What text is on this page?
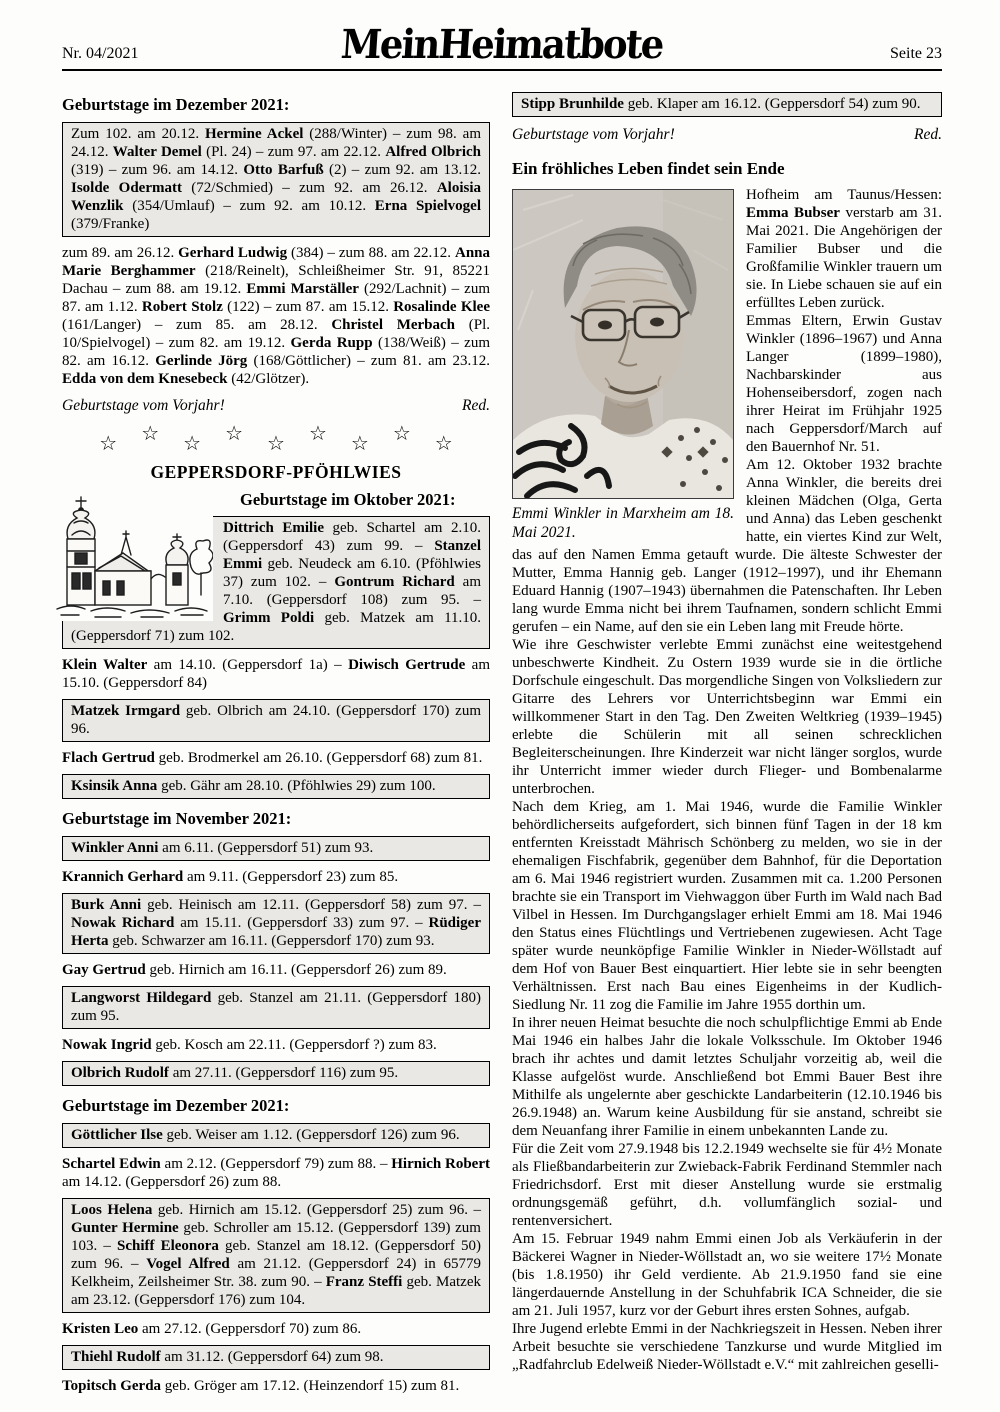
Nr. 04/2021	MeinHeimatbote	Seite 23
Geburtstage im Dezember 2021:
Zum 102. am 20.12. Hermine Ackel (288/Winter) – zum 98. am 24.12. Walter Demel (Pl. 24) – zum 97. am 22.12. Alfred Olbrich (319) – zum 96. am 14.12. Otto Barfuß (2) – zum 92. am 13.12. Isolde Odermatt (72/Schmied) – zum 92. am 26.12. Aloisia Wenzlik (354/Umlauf) – zum 92. am 10.12. Erna Spielvogel (379/Franke)
zum 89. am 26.12. Gerhard Ludwig (384) – zum 88. am 22.12. Anna Marie Berghammer (218/Reinelt), Schleißheimer Str. 91, 85221 Dachau – zum 88. am 19.12. Emmi Marställer (292/Lachnit) – zum 87. am 1.12. Robert Stolz (122) – zum 87. am 15.12. Rosalinde Klee (161/Langer) – zum 85. am 28.12. Christel Merbach (Pl. 10/Spielvogel) – zum 82. am 19.12. Gerda Rupp (138/Weiß) – zum 82. am 16.12. Gerlinde Jörg (168/Göttlicher) – zum 81. am 23.12. Edda von dem Knesebeck (42/Glötzer).
Geburtstage vom Vorjahr!	Red.
☆ ☆ ☆ ☆ ☆ ☆ ☆ ☆ ☆
GEPPERSDORF-PFÖHLWIES
Geburtstage im Oktober 2021:
Dittrich Emilie geb. Schartel am 2.10. (Geppersdorf 43) zum 99. – Stanzel Emmi geb. Neudeck am 6.10. (Pföhlwies 37) zum 102. – Gontrum Richard am 7.10. (Geppersdorf 108) zum 95. – Grimm Poldi geb. Matzek am 11.10. (Geppersdorf 71) zum 102.
Klein Walter am 14.10. (Geppersdorf 1a) – Diwisch Gertrude am 15.10. (Geppersdorf 84)
Matzek Irmgard geb. Olbrich am 24.10. (Geppersdorf 170) zum 96.
Flach Gertrud geb. Brodmerkel am 26.10. (Geppersdorf 68) zum 81.
Ksinsik Anna geb. Gähr am 28.10. (Pföhlwies 29) zum 100.
Geburtstage im November 2021:
Winkler Anni am 6.11. (Geppersdorf 51) zum 93.
Krannich Gerhard am 9.11. (Geppersdorf 23) zum 85.
Burk Anni geb. Heinisch am 12.11. (Geppersdorf 58) zum 97. – Nowak Richard am 15.11. (Geppersdorf 33) zum 97. – Rüdiger Herta geb. Schwarzer am 16.11. (Geppersdorf 170) zum 93.
Gay Gertrud geb. Hirnich am 16.11. (Geppersdorf 26) zum 89.
Langworst Hildegard geb. Stanzel am 21.11. (Geppersdorf 180) zum 95.
Nowak Ingrid geb. Kosch am 22.11. (Geppersdorf ?) zum 83.
Olbrich Rudolf am 27.11. (Geppersdorf 116) zum 95.
Geburtstage im Dezember 2021:
Göttlicher Ilse geb. Weiser am 1.12. (Geppersdorf 126) zum 96.
Schartel Edwin am 2.12. (Geppersdorf 79) zum 88. – Hirnich Robert am 14.12. (Geppersdorf 26) zum 88.
Loos Helena geb. Hirnich am 15.12. (Geppersdorf 25) zum 96. – Gunter Hermine geb. Schroller am 15.12. (Geppersdorf 139) zum 103. – Schiff Eleonora geb. Stanzel am 18.12. (Geppersdorf 50) zum 96. – Vogel Alfred am 21.12. (Geppersdorf 24) in 65779 Kelkheim, Zeilsheimer Str. 38. zum 90. – Franz Steffi geb. Matzek am 23.12. (Geppersdorf 176) zum 104.
Kristen Leo am 27.12. (Geppersdorf 70) zum 86.
Thiehl Rudolf am 31.12. (Geppersdorf 64) zum 98.
Topitsch Gerda geb. Gröger am 17.12. (Heinzendorf 15) zum 81.
Stipp Brunhilde geb. Klaper am 16.12. (Geppersdorf 54) zum 90.
Geburtstage vom Vorjahr!	Red.
Ein fröhliches Leben findet sein Ende
Emmi Winkler in Marxheim am 18. Mai 2021.
Hofheim am Taunus/Hessen: Emma Bubser verstarb am 31. Mai 2021. Die Angehörigen der Familier Bubser und die Großfamilie Winkler trauern um sie. In Liebe schauen sie auf ein erfülltes Leben zurück.
Emmas Eltern, Erwin Gustav Winkler (1896–1967) und Anna Langer (1899–1980), Nachbarskinder aus Hohenseibersdorf, zogen nach ihrer Heirat im Frühjahr 1925 nach Geppersdorf/March auf den Bauernhof Nr. 51.
Am 12. Oktober 1932 brachte Anna Winkler, die bereits drei kleinen Mädchen (Olga, Gerta und Anna) das Leben geschenkt hatte, ein viertes Kind zur Welt, das auf den Namen Emma getauft wurde. Die älteste Schwester der Mutter, Emma Hannig geb. Langer (1912–1997), und ihr Ehemann Eduard Hannig (1907–1943) übernahmen die Patenschaften. Ihr Leben lang wurde Emma nicht bei ihrem Taufnamen, sondern schlicht Emmi gerufen – ein Name, auf den sie ein Leben lang mit Freude hörte.
Wie ihre Geschwister verlebte Emmi zunächst eine weitestgehend unbeschwerte Kindheit. Zu Ostern 1939 wurde sie in die örtliche Dorfschule eingeschult. Das morgendliche Singen von Volksliedern zur Gitarre des Lehrers vor Unterrichtsbeginn war Emmi ein willkommener Start in den Tag. Den Zweiten Weltkrieg (1939–1945) erlebte die Schülerin mit all seinen schrecklichen Begleiterscheinungen. Ihre Kinderzeit war nicht länger sorglos, wurde ihr Unterricht immer wieder durch Flieger- und Bombenalarme unterbrochen.
Nach dem Krieg, am 1. Mai 1946, wurde die Familie Winkler behördlicherseits aufgefordert, sich binnen fünf Tagen in der 18 km entfernten Kreisstadt Mährisch Schönberg zu melden, wo sie in der ehemaligen Fischfabrik, gegenüber dem Bahnhof, für die Deportation am 6. Mai 1946 registriert wurden. Zusammen mit ca. 1.200 Personen brachte sie ein Transport im Viehwaggon über Furth im Wald nach Bad Vilbel in Hessen. Im Durchgangslager erhielt Emmi am 18. Mai 1946 den Status eines Flüchtlings und Vertriebenen zugewiesen. Acht Tage später wurde neunköpfige Familie Winkler in Nieder-Wöllstadt auf dem Hof von Bauer Best einquartiert. Hier lebte sie in sehr beengten Verhältnissen. Erst nach Bau eines Eigenheims in der Kudlich-Siedlung Nr. 11 zog die Familie im Jahre 1955 dorthin um.
In ihrer neuen Heimat besuchte die noch schulpflichtige Emmi ab Ende Mai 1946 ein halbes Jahr die lokale Volksschule. Im Oktober 1946 brach ihr achtes und damit letztes Schuljahr vorzeitig ab, weil die Klasse aufgelöst wurde. Anschließend bot Emmi Bauer Best ihre Mithilfe als ungelernte aber geschickte Landarbeiterin (12.10.1946 bis 26.9.1948) an. Warum keine Ausbildung für sie anstand, schreibt sie dem Neuanfang ihrer Familie in einem unbekannten Lande zu.
Für die Zeit vom 27.9.1948 bis 12.2.1949 wechselte sie für 4½ Monate als Fließbandarbeiterin zur Zwieback-Fabrik Ferdinand Stemmler nach Friedrichsdorf. Erst mit dieser Anstellung wurde sie erstmalig ordnungsgemäß geführt, d.h. vollumfänglich sozial- und rentenversichert.
Am 15. Februar 1949 nahm Emmi einen Job als Verkäuferin in der Bäckerei Wagner in Nieder-Wöllstadt an, wo sie weitere 17½ Monate (bis 1.8.1950) ihr Geld verdiente. Ab 21.9.1950 fand sie eine längerdauernde Anstellung in der Schuhfabrik ICA Schneider, die sie am 21. Juli 1957, kurz vor der Geburt ihres ersten Sohnes, aufgab.
Ihre Jugend erlebte Emmi in der Nachkriegszeit in Hessen. Neben ihrer Arbeit besuchte sie verschiedene Tanzkurse und wurde Mitglied im „Radfahrclub Edelweiß Nieder-Wöllstadt e.V.“ mit zahlreichen geselli-
